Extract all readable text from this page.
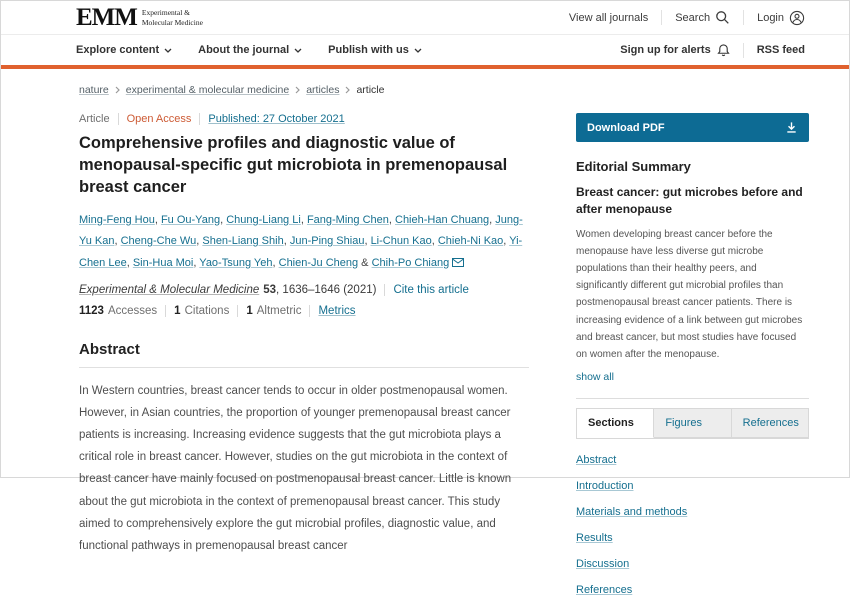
EMM Experimental &
Molecular Medicine	View all journals Search	Login
Explore content	About the journal	Publish with us	Sign up for alerts	RSS feed
nature experimental & molecular medicine articles article
Article Open Access Published: 27 October 2021
Comprehensive profiles and diagnostic value of menopausal-specific gut microbiota in premenopausal breast cancer

Ming-Feng Hou, Fu Ou-Yang, Chung-Liang Li, Fang-Ming Chen, Chieh-Han Chuang, Jung-Yu Kan, Cheng-Che Wu, Shen-Liang Shih, Jun-Ping Shiau, Li-Chun Kao, Chieh-Ni Kao, Yi-Chen Lee, Sin-Hua Moi, Yao-Tsung Yeh, Chien-Ju Cheng & Chih-Po Chiang

Experimental & Molecular Medicine 53 , 1636–1646 (2021) Cite this article
1123 Accesses 1 Citations 1 Altmetric Metrics
Abstract

In Western countries, breast cancer tends to occur in older postmenopausal women. However, in Asian countries, the proportion of younger premenopausal breast cancer patients is increasing. Increasing evidence suggests that the gut microbiota plays a critical role in breast cancer. However, studies on the gut microbiota in the context of breast cancer have mainly focused on postmenopausal breast cancer. Little is known about the gut microbiota in the context of premenopausal breast cancer. This study aimed to comprehensively explore the gut microbial profiles, diagnostic value, and functional pathways in premenopausal breast cancer

Download PDF
Editorial Summary
Breast cancer: gut microbes before and after menopause

Women developing breast cancer before the menopause have less diverse gut microbe populations than their healthy peers, and significantly different gut microbial profiles than postmenopausal breast cancer patients. There is increasing evidence of a link between gut microbes and breast cancer, but most studies have focused on women after the menopause.

show all
Sections	Figures	References
Abstract
Introduction
Materials and methods
Results
Discussion
References
